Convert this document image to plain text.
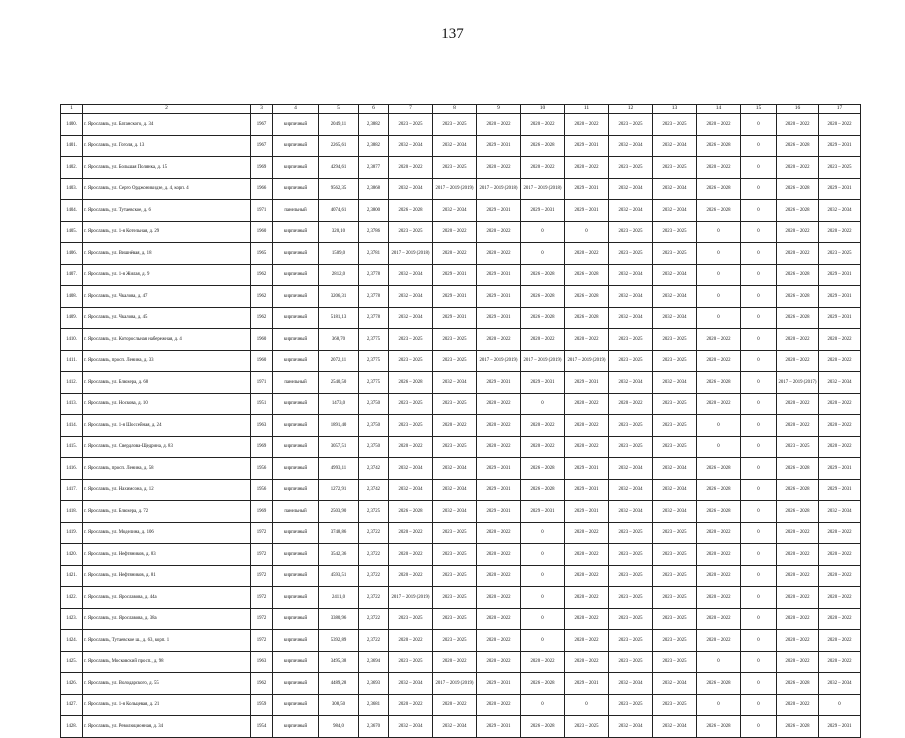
137
1	2	3	4	5	6	7	8	9	10	11	12	13	14	15	16	17
1400.	г. Ярославль, ул. Батанского, д. 34	1967	кирпичный	2049,11	2,3882	2023 – 2025	2023 – 2025	2020 – 2022	2020 – 2022	2020 – 2022	2023 – 2025	2023 – 2025	2020 – 2022	0	2020 – 2022	2020 – 2022
1401.	г. Ярославль, ул. Гоголя, д. 13	1967	кирпичный	2265,61	2,3882	2032 – 2034	2032 – 2034	2029 – 2031	2026 – 2028	2029 – 2031	2032 – 2034	2032 – 2034	2026 – 2028	0	2026 – 2028	2029 – 2031
1402.	г. Ярославль, ул. Большая Полянка, д. 15	1969	кирпичный	4294,61	2,3877	2020 – 2022	2023 – 2025	2020 – 2022	2020 – 2022	2020 – 2022	2023 – 2025	2023 – 2025	2020 – 2022	0	2020 – 2022	2023 – 2025
1403.	г. Ярославль, ул. Серго Орджоникидзе, д. 4, корп. 4	1966	кирпичный	9562,35	2,3868	2032 – 2034	2017 – 2019 (2019)	2017 – 2019 (2018)	2017 – 2019 (2018)	2029 – 2031	2032 – 2034	2032 – 2034	2026 – 2028	0	2026 – 2028	2029 – 2031
1404.	г. Ярославль, ул. Тутаевское, д. 6	1971	панельный	4074,61	2,3800	2026 – 2028	2032 – 2034	2029 – 2031	2029 – 2031	2029 – 2031	2032 – 2034	2032 – 2034	2026 – 2028	0	2026 – 2028	2032 – 2034
1405.	г. Ярославль, ул. 1-я Котельная, д. 29	1960	кирпичный	320,10	2,3786	2023 – 2025	2020 – 2022	2020 – 2022	0	0	2023 – 2025	2023 – 2025	0	0	2020 – 2022	2020 – 2022
1406.	г. Ярославль, ул. Вишнёвая, д. 18	1965	кирпичный	1509,0	2,3781	2017 – 2019 (2018)	2020 – 2022	2020 – 2022	0	2020 – 2022	2023 – 2025	2023 – 2025	0	0	2020 – 2022	2023 – 2025
1407.	г. Ярославль, ул. 1-я Жилая, д. 9	1962	кирпичный	2812,0	2,3778	2032 – 2034	2029 – 2031	2029 – 2031	2026 – 2028	2026 – 2028	2032 – 2034	2032 – 2034	0	0	2026 – 2028	2029 – 2031
1408.	г. Ярославль, ул. Чкалова, д. 47	1962	кирпичный	3206,31	2,3778	2032 – 2034	2029 – 2031	2029 – 2031	2026 – 2028	2026 – 2028	2032 – 2034	2032 – 2034	0	0	2026 – 2028	2029 – 2031
1409.	г. Ярославль, ул. Чкалова, д. 45	1962	кирпичный	5181,13	2,3778	2032 – 2034	2029 – 2031	2029 – 2031	2026 – 2028	2026 – 2028	2032 – 2034	2032 – 2034	0	0	2026 – 2028	2029 – 2031
1410.	г. Ярославль, ул. Которосльная набережная, д. 4	1960	кирпичный	368,70	2,3775	2023 – 2025	2023 – 2025	2020 – 2022	2020 – 2022	2020 – 2022	2023 – 2025	2023 – 2025	2020 – 2022	0	2020 – 2022	2020 – 2022
1411.	г. Ярославль, просп. Ленина, д. 33	1960	кирпичный	2072,11	2,3775	2023 – 2025	2023 – 2025	2017 – 2019 (2019)	2017 – 2019 (2019)	2017 – 2019 (2019)	2023 – 2025	2023 – 2025	2020 – 2022	0	2020 – 2022	2020 – 2022
1412.	г. Ярославль, ул. Блюхера, д. 68	1971	панельный	2540,50	2,3775	2026 – 2028	2032 – 2034	2029 – 2031	2029 – 2031	2029 – 2031	2032 – 2034	2032 – 2034	2026 – 2028	0	2017 – 2019 (2017)	2032 – 2034
1413.	г. Ярославль, ул. Носкова, д. 10	1951	кирпичный	1473,0	2,3750	2023 – 2025	2023 – 2025	2020 – 2022	0	2020 – 2022	2020 – 2022	2023 – 2025	2020 – 2022	0	2020 – 2022	2020 – 2022
1414.	г. Ярославль, ул. 1-я Шоссейная, д. 24	1963	кирпичный	1891,40	2,3750	2023 – 2025	2020 – 2022	2020 – 2022	2020 – 2022	2020 – 2022	2023 – 2025	2023 – 2025	0	0	2020 – 2022	2020 – 2022
1415.	г. Ярославль, ул. Свердлова-Щедрина, д. 83	1969	кирпичный	3057,51	2,3750	2020 – 2022	2023 – 2025	2020 – 2022	2020 – 2022	2020 – 2022	2023 – 2025	2023 – 2025	0	0	2023 – 2025	2020 – 2022
1416.	г. Ярославль, просп. Ленина, д. 58	1956	кирпичный	4993,11	2,3742	2032 – 2034	2032 – 2034	2029 – 2031	2026 – 2028	2029 – 2031	2032 – 2034	2032 – 2034	2026 – 2028	0	2026 – 2028	2029 – 2031
1417.	г. Ярославль, ул. Нахимсона, д. 12	1956	кирпичный	1272,91	2,3742	2032 – 2034	2032 – 2034	2029 – 2031	2026 – 2028	2029 – 2031	2032 – 2034	2032 – 2034	2026 – 2028	0	2026 – 2028	2029 – 2031
1418.	г. Ярославль, ул. Блюхера, д. 72	1969	панельный	2503,90	2,3725	2026 – 2028	2032 – 2034	2029 – 2031	2029 – 2031	2029 – 2031	2032 – 2034	2032 – 2034	2026 – 2028	0	2026 – 2028	2032 – 2034
1419.	г. Ярославль, ул. Моделина, д. 106	1972	кирпичный	3748,86	2,3722	2020 – 2022	2023 – 2025	2020 – 2022	0	2020 – 2022	2023 – 2025	2023 – 2025	2020 – 2022	0	2020 – 2022	2020 – 2022
1420.	г. Ярославль, ул. Нефтяников, д. 83	1972	кирпичный	3542,36	2,3722	2020 – 2022	2023 – 2025	2020 – 2022	0	2020 – 2022	2023 – 2025	2023 – 2025	2020 – 2022	0	2020 – 2022	2020 – 2022
1421.	г. Ярославль, ул. Нефтяников, д. 81	1972	кирпичный	4593,51	2,3722	2020 – 2022	2023 – 2025	2020 – 2022	0	2020 – 2022	2023 – 2025	2023 – 2025	2020 – 2022	0	2020 – 2022	2020 – 2022
1422.	г. Ярославль, ул. Ярославова, д. 44а	1972	кирпичный	2411,0	2,3722	2017 – 2019 (2019)	2023 – 2025	2020 – 2022	0	2020 – 2022	2023 – 2025	2023 – 2025	2020 – 2022	0	2020 – 2022	2020 – 2022
1423.	г. Ярославль, ул. Ярославова, д. 38а	1972	кирпичный	3380,96	2,3722	2023 – 2025	2023 – 2025	2020 – 2022	0	2020 – 2022	2023 – 2025	2023 – 2025	2020 – 2022	0	2020 – 2022	2020 – 2022
1424.	г. Ярославль, Тутаевское ш., д. 63, корп. 1	1972	кирпичный	5392,89	2,3722	2020 – 2022	2023 – 2025	2020 – 2022	0	2020 – 2022	2023 – 2025	2023 – 2025	2020 – 2022	0	2020 – 2022	2020 – 2022
1425.	г. Ярославль, Московский просп., д. 98	1963	кирпичный	3495,38	2,3694	2023 – 2025	2020 – 2022	2020 – 2022	2020 – 2022	2020 – 2022	2023 – 2025	2023 – 2025	0	0	2020 – 2022	2020 – 2022
1426.	г. Ярославль, ул. Володарского, д. 55	1962	кирпичный	4489,28	2,3693	2032 – 2034	2017 – 2019 (2019)	2029 – 2031	2026 – 2028	2029 – 2031	2032 – 2034	2032 – 2034	2026 – 2028	0	2026 – 2028	2032 – 2034
1427.	г. Ярославль, ул. 1-я Кольцевая, д. 21	1959	кирпичный	308,50	2,3681	2020 – 2022	2020 – 2022	2020 – 2022	0	0	2023 – 2025	2023 – 2025	0	0	2020 – 2022	0
1428.	г. Ярославль, ул. Революционная, д. 34	1954	кирпичный	984,0	2,3670	2032 – 2034	2032 – 2034	2029 – 2031	2026 – 2028	2023 – 2025	2032 – 2034	2032 – 2034	2026 – 2028	0	2026 – 2028	2029 – 2031
